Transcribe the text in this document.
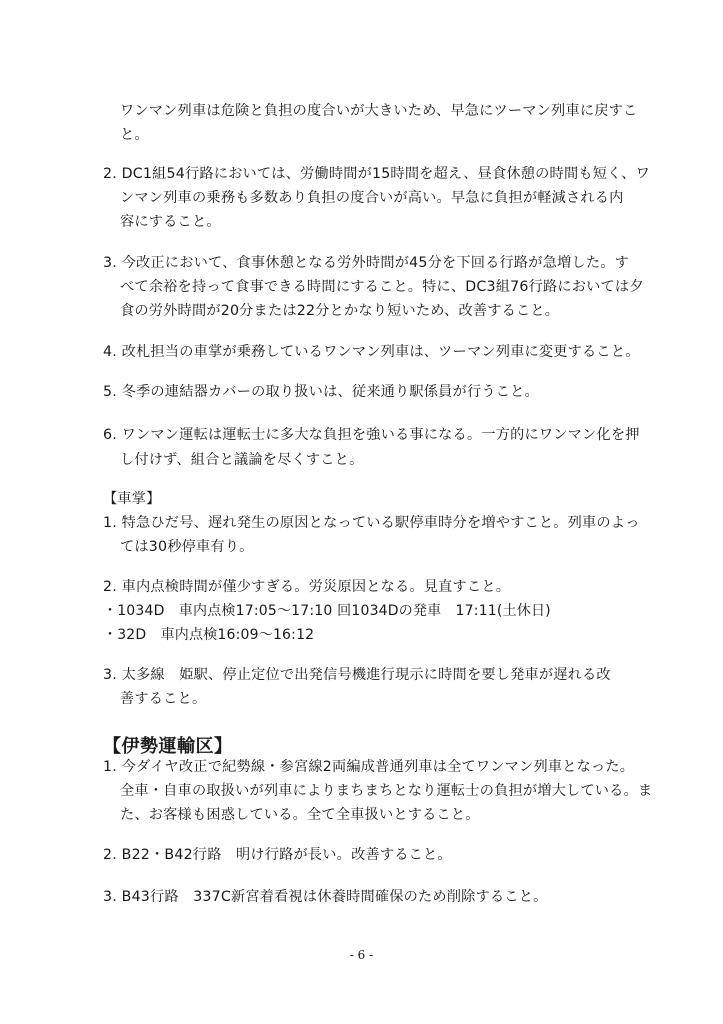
ワンマン列車は危険と負担の度合いが大きいため、早急にツーマン列車に戻すこ
と。
2. DC1組54行路においては、労働時間が15時間を超え、昼食休憩の時間も短く、ワ
ンマン列車の乗務も多数あり負担の度合いが高い。早急に負担が軽減される内
容にすること。
3. 今改正において、食事休憩となる労外時間が45分を下回る行路が急増した。す
べて余裕を持って食事できる時間にすること。特に、DC3組76行路においては夕
食の労外時間が20分または22分とかなり短いため、改善すること。
4. 改札担当の車掌が乗務しているワンマン列車は、ツーマン列車に変更すること。
5. 冬季の連結器カバーの取り扱いは、従来通り駅係員が行うこと。
6. ワンマン運転は運転士に多大な負担を強いる事になる。一方的にワンマン化を押
し付けず、組合と議論を尽くすこと。
【車掌】
1. 特急ひだ号、遅れ発生の原因となっている駅停車時分を増やすこと。列車のよっ
ては30秒停車有り。
2. 車内点検時間が僅少すぎる。労災原因となる。見直すこと。
・1034D　車内点検17:05〜17:10 回1034Dの発車　17:11(土休日)
・32D　車内点検16:09〜16:12
3. 太多線　姫駅、停止定位で出発信号機進行現示に時間を要し発車が遅れる改
善すること。
【伊勢運輸区】
1. 今ダイヤ改正で紀勢線・参宮線2両編成普通列車は全てワンマン列車となった。
全車・自車の取扱いが列車によりまちまちとなり運転士の負担が増大している。ま
た、お客様も困惑している。全て全車扱いとすること。
2. B22・B42行路　明け行路が長い。改善すること。
3. B43行路　337C新宮着看視は休養時間確保のため削除すること。
- 6 -
